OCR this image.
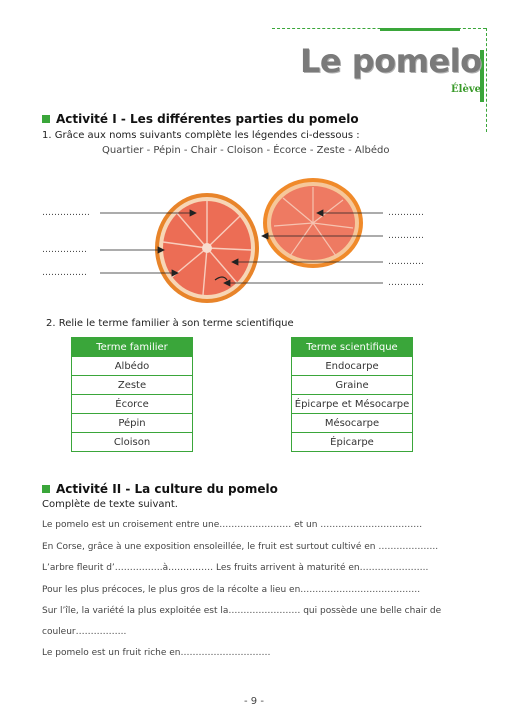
Le pomelo
Élève
Activité I - Les différentes parties du pomelo
1. Grâce aux noms suivants complète les légendes ci-dessous :
Quartier - Pépin - Chair - Cloison - Écorce - Zeste - Albédo
…………….
……………
……………
…………
…………
…………
…………
2. Relie le terme familier à son terme scientifique
Terme familier
Albédo
Zeste
Écorce
Pépin
Cloison
Terme scientifique
Endocarpe
Graine
Épicarpe et Mésocarpe
Mésocarpe
Épicarpe
Activité II - La culture du pomelo
Complète de texte suivant.
Le pomelo est un croisement entre une…………………… et un …………………………….
En Corse, grâce à une exposition ensoleillée, le fruit est surtout cultivé en ………………..
L’arbre fleurit d’…………….à…………… Les fruits arrivent à maturité en…………………..
Pour les plus précoces, le plus gros de la récolte a lieu en………………………………….
Sur l’île, la variété la plus exploitée est la…………………… qui possède une belle chair de
couleur……………..
Le pomelo est un fruit riche en…………………………
- 9 -
